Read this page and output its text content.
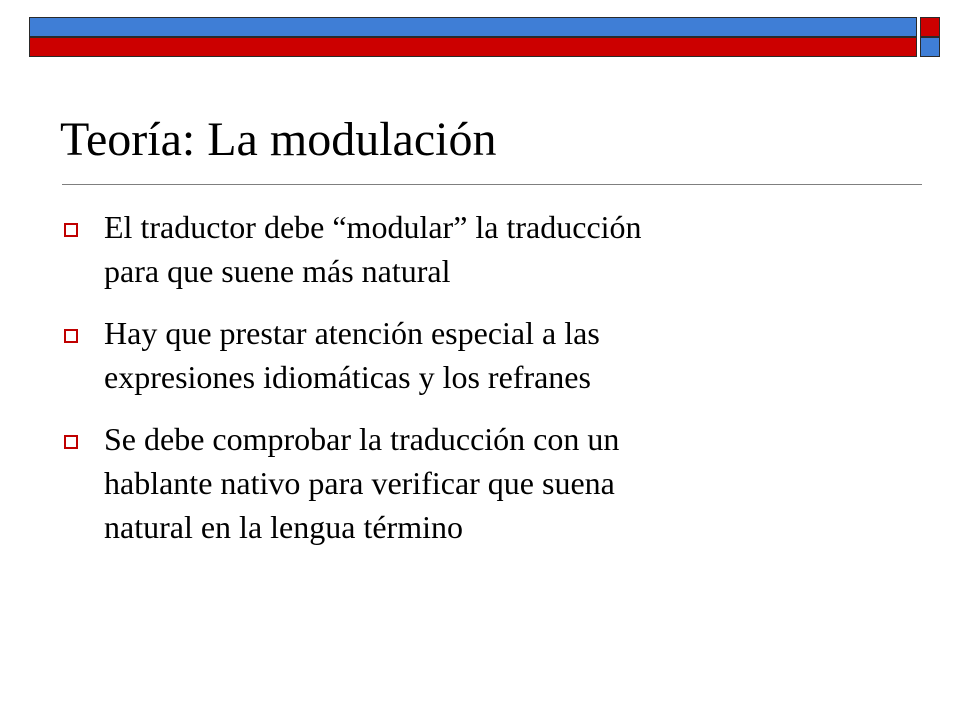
Teoría: La modulación
El traductor debe “modular” la traducción
para que suene más natural
Hay que prestar atención especial a las
expresiones idiomáticas y los refranes
Se debe comprobar la traducción con un
hablante nativo para verificar que suena
natural en la lengua término
